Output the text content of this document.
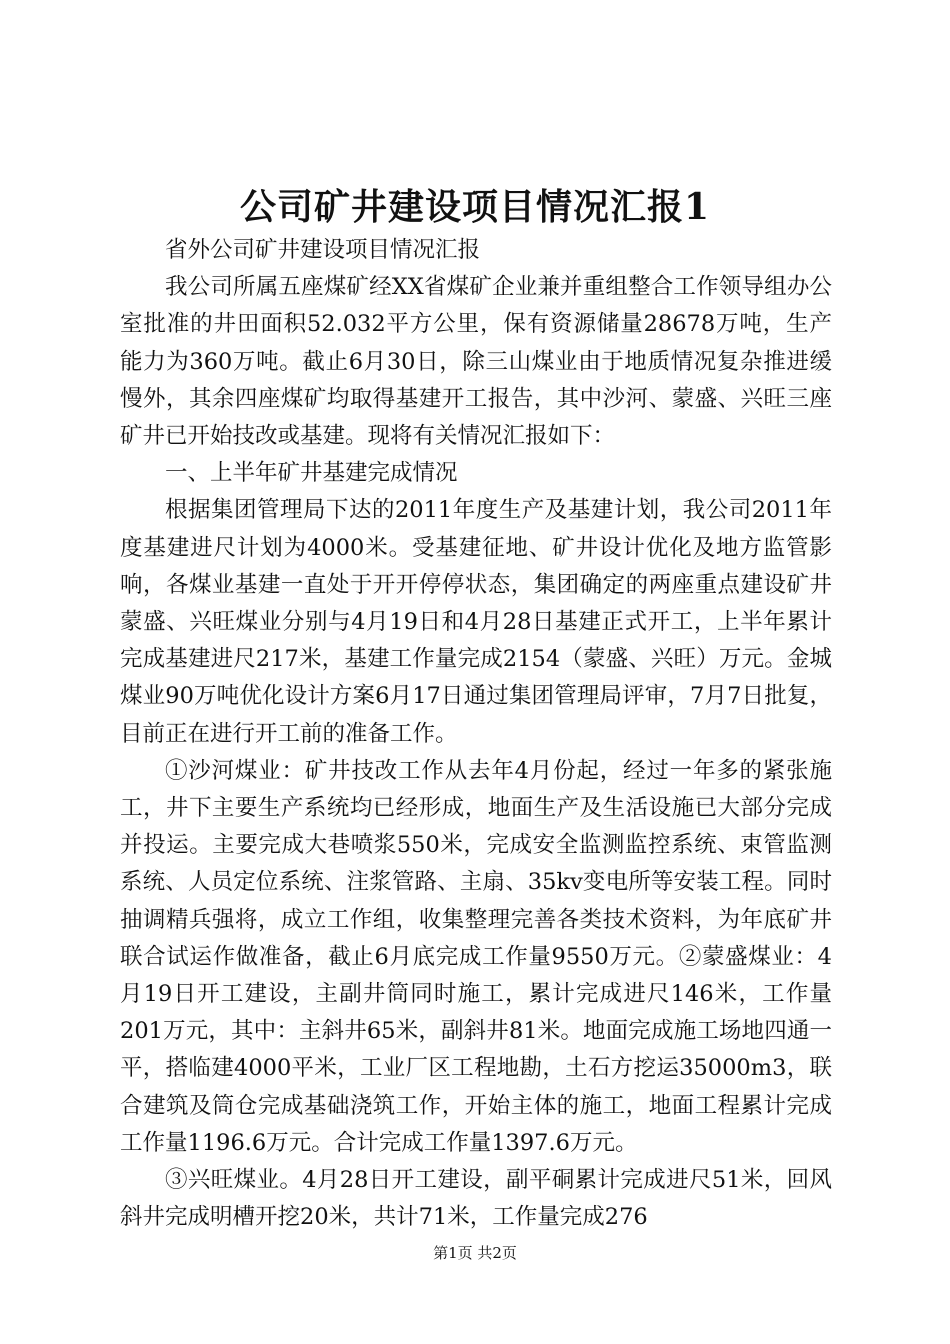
公司矿井建设项目情况汇报1

省外公司矿井建设项目情况汇报

我公司所属五座煤矿经XX省煤矿企业兼并重组整合工作领导组办公室批准的井田面积52.032平方公里，保有资源储量28678万吨，生产能力为360万吨。截止6月30日，除三山煤业由于地质情况复杂推进缓慢外，其余四座煤矿均取得基建开工报告，其中沙河、蒙盛、兴旺三座矿井已开始技改或基建。现将有关情况汇报如下：

一、上半年矿井基建完成情况

根据集团管理局下达的2011年度生产及基建计划，我公司2011年度基建进尺计划为4000米。受基建征地、矿井设计优化及地方监管影响，各煤业基建一直处于开开停停状态，集团确定的两座重点建设矿井蒙盛、兴旺煤业分别与4月19日和4月28日基建正式开工，上半年累计完成基建进尺217米，基建工作量完成2154（蒙盛、兴旺）万元。金城煤业90万吨优化设计方案6月17日通过集团管理局评审，7月7日批复，目前正在进行开工前的准备工作。

①沙河煤业：矿井技改工作从去年4月份起，经过一年多的紧张施工，井下主要生产系统均已经形成，地面生产及生活设施已大部分完成并投运。主要完成大巷喷浆550米，完成安全监测监控系统、束管监测系统、人员定位系统、注浆管路、主扇、35kv变电所等安装工程。同时抽调精兵强将，成立工作组，收集整理完善各类技术资料，为年底矿井联合试运作做准备，截止6月底完成工作量9550万元。②蒙盛煤业：4月19日开工建设，主副井筒同时施工，累计完成进尺146米，工作量201万元，其中：主斜井65米，副斜井81米。地面完成施工场地四通一平，搭临建4000平米，工业厂区工程地勘，土石方挖运35000m3，联合建筑及筒仓完成基础浇筑工作，开始主体的施工，地面工程累计完成工作量1196.6万元。合计完成工作量1397.6万元。

③兴旺煤业。4月28日开工建设，副平硐累计完成进尺51米，回风斜井完成明槽开挖20米，共计71米，工作量完成276

第1页 共2页
